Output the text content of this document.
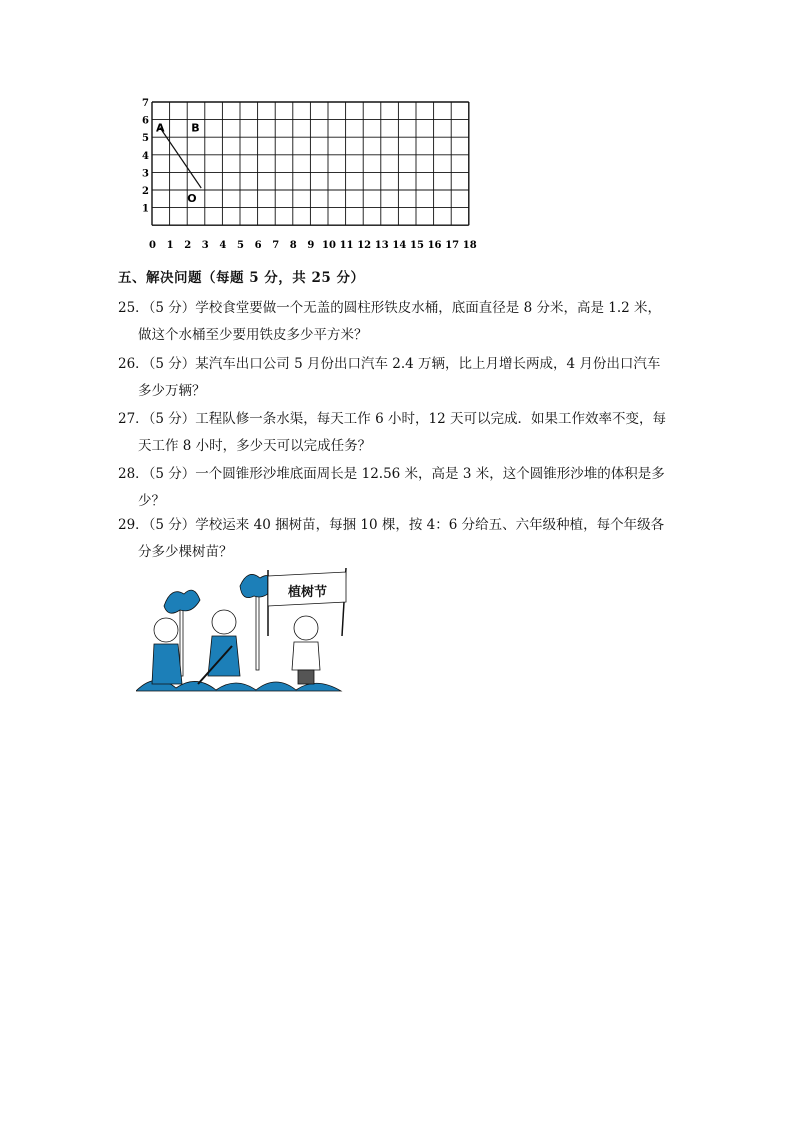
7
6
5
4
3
2
1
0 1 2 3 4 5 6 7 8 9 10 11 12 13 14 15 16 17 18
A B
O
五、解决问题（每题 5 分，共 25 分）
25．（5 分）学校食堂要做一个无盖的圆柱形铁皮水桶，底面直径是 8 分米，高是 1.2 米，
做这个水桶至少要用铁皮多少平方米？
26．（5 分）某汽车出口公司 5 月份出口汽车 2.4 万辆，比上月增长两成，4 月份出口汽车
多少万辆？
27．（5 分）工程队修一条水渠，每天工作 6 小时，12 天可以完成．如果工作效率不变，每
天工作 8 小时，多少天可以完成任务？
28．（5 分）一个圆锥形沙堆底面周长是 12.56 米，高是 3 米，这个圆锥形沙堆的体积是多
少？
29．（5 分）学校运来 40 捆树苗，每捆 10 棵，按 4：6 分给五、六年级种植，每个年级各
分多少棵树苗？
植树节
